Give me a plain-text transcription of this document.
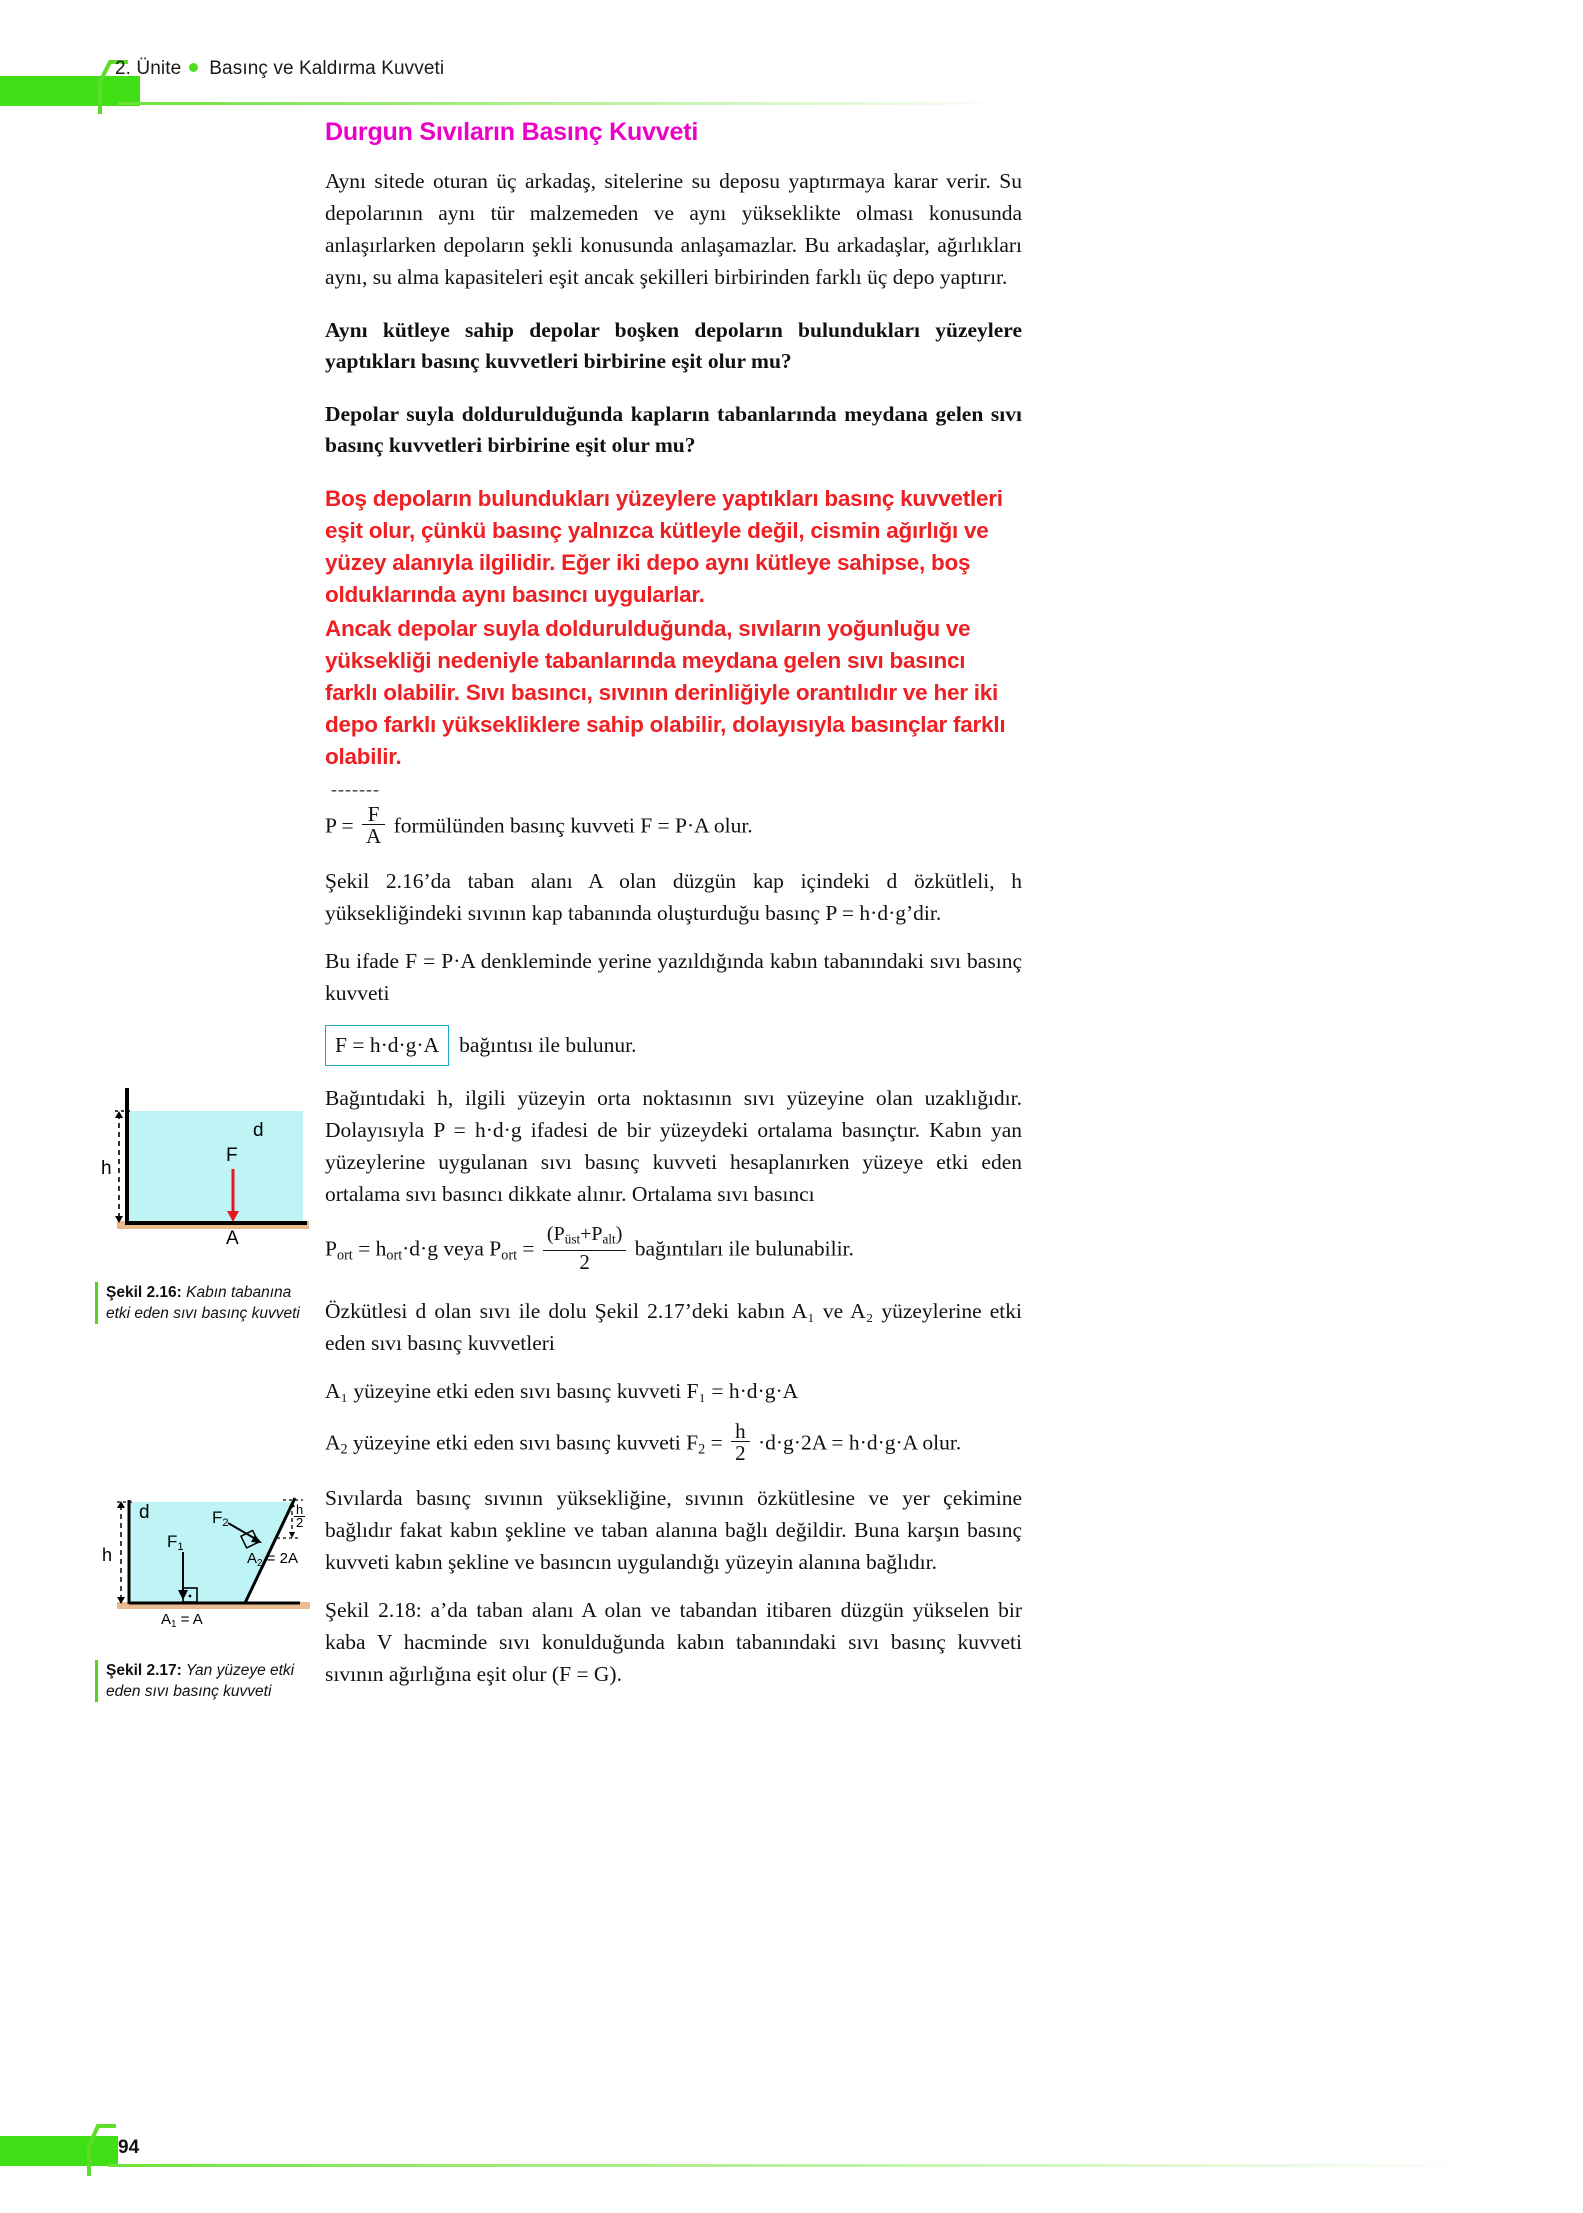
2. Ünite Basınç ve Kaldırma Kuvveti
h
d
F
A
Şekil 2.16: Kabın tabanına etki eden sıvı basınç kuvveti
h
d
$F_1$
$F_2$	$\frac{h}{2}$
$A_2 = 2A$
$A_1 = A$
Şekil 2.17: Yan yüzeye etki eden sıvı basınç kuvveti
Durgun Sıvıların Basınç Kuvveti

Aynı sitede oturan üç arkadaş, sitelerine su deposu yaptırmaya karar verir. Su depolarının aynı tür malzemeden ve aynı yükseklikte olması konusunda anlaşırlarken depoların şekli konusunda anlaşamazlar. Bu arkadaşlar, ağırlıkları aynı, su alma kapasiteleri eşit ancak şekilleri birbirinden farklı üç depo yaptırır.

Aynı kütleye sahip depolar boşken depoların bulundukları yüzeylere yaptıkları basınç kuvvetleri birbirine eşit olur mu?

Depolar suyla doldurulduğunda kapların tabanlarında meydana gelen sıvı basınç kuvvetleri birbirine eşit olur mu?

Boş depoların bulundukları yüzeylere yaptıkları basınç kuvvetleri eşit olur, çünkü basınç yalnızca kütleyle değil, cismin ağırlığı ve yüzey alanıyla ilgilidir. Eğer iki depo aynı kütleye sahipse, boş olduklarında aynı basıncı uygularlar.

Ancak depolar suyla doldurulduğunda, sıvıların yoğunluğu ve yüksekliği nedeniyle tabanlarında meydana gelen sıvı basıncı farklı olabilir. Sıvı basıncı, sıvının derinliğiyle orantılıdır ve her iki depo farklı yüksekliklere sahip olabilir, dolayısıyla basınçlar farklı olabilir.

-------

$P = \frac{F}{A}$ formülünden basınç kuvveti F = P·A olur.

Şekil 2.16’da taban alanı A olan düzgün kap içindeki d özkütleli, h yüksekliğindeki sıvının kap tabanında oluşturduğu basınç P = h·d·g’dir.

Bu ifade F = P·A denkleminde yerine yazıldığında kabın tabanındaki sıvı basınç kuvveti

F = h·d·g·A bağıntısı ile bulunur.

Bağıntıdaki h, ilgili yüzeyin orta noktasının sıvı yüzeyine olan uzaklığıdır. Dolayısıyla P = h·d·g ifadesi de bir yüzeydeki ortalama basınçtır. Kabın yan yüzeylerine uygulanan sıvı basınç kuvveti hesaplanırken yüzeye etki eden ortalama sıvı basıncı dikkate alınır. Ortalama sıvı basıncı

$P_{ort} = h_{ort}\cdot d\cdot g$ veya $P_{ort} = \frac{(P_{üst}+P_{alt})}{2}$ bağıntıları ile bulunabilir.

Özkütlesi d olan sıvı ile dolu Şekil 2.17’deki kabın A₁ ve A₂ yüzeylerine etki eden sıvı basınç kuvvetleri

A₁ yüzeyine etki eden sıvı basınç kuvveti F₁ = h·d·g·A

$A_2$ yüzeyine etki eden sıvı basınç kuvveti $F_2 = \frac{h}{2} \cdot d\cdot g\cdot 2A = h\cdot d\cdot g\cdot A$ olur.

Sıvılarda basınç sıvının yüksekliğine, sıvının özkütlesine ve yer çekimine bağlıdır fakat kabın şekline ve taban alanına bağlı değildir. Buna karşın basınç kuvveti kabın şekline ve basıncın uygulandığı yüzeyin alanına bağlıdır.

Şekil 2.18: a’da taban alanı A olan ve tabandan itibaren düzgün yükselen bir kaba V hacminde sıvı konulduğunda kabın tabanındaki sıvı basınç kuvveti sıvının ağırlığına eşit olur (F = G).

94
